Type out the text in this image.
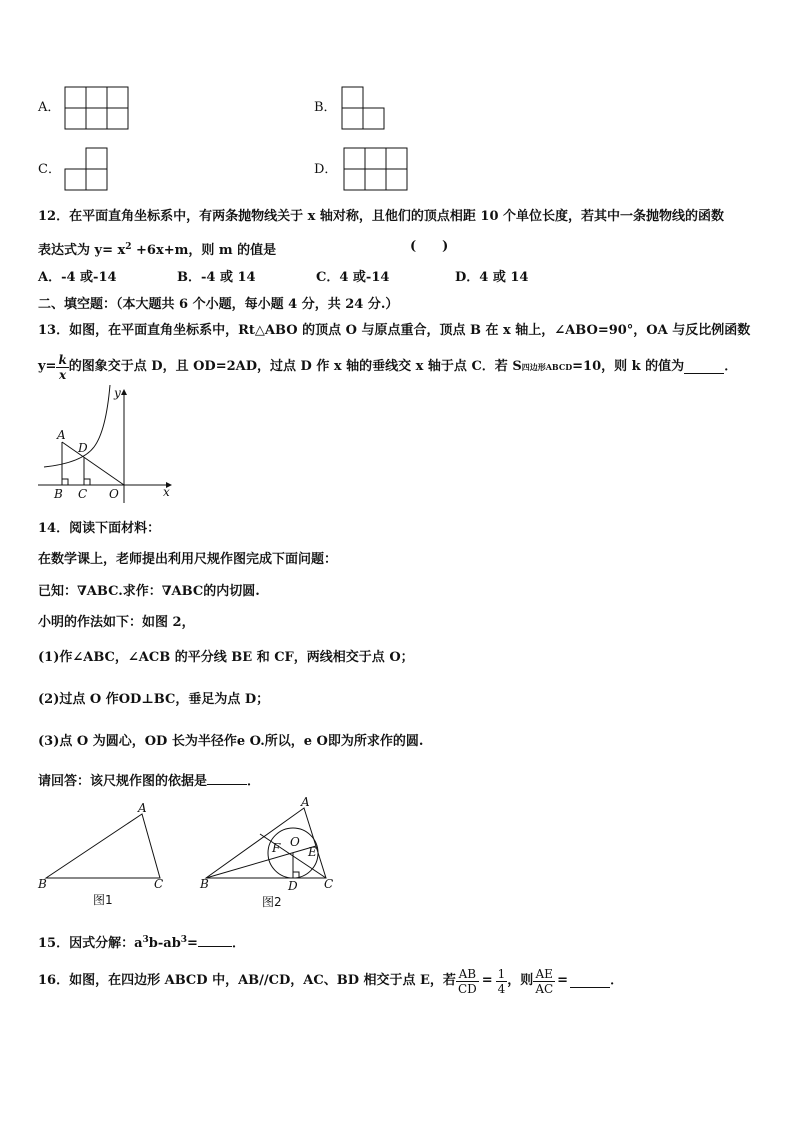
A．	B．
C．	D．
12．在平面直角坐标系中，有两条抛物线关于 x 轴对称，且他们的顶点相距 10 个单位长度，若其中一条抛物线的函数
表达式为 $y= x^2 +6x+m$，则 m 的值是	(　　)
A．-4 或-14	B．-4 或 14	C．4 或-14	D．4 或 14
二、填空题：（本大题共 6 个小题，每小题 4 分，共 24 分.）
13．如图，在平面直角坐标系中，Rt△ABO 的顶点 O 与原点重合，顶点 B 在 x 轴上，∠ABO=90°，OA 与反比例函数
$y= \frac{k}{x}$ 的图象交于点 D，且 OD=2AD，过点 D 作 x 轴的垂线交 x 轴于点 C．若 S 四边形ABCD =10，则 k 的值为	．
y
x
A
D
B C O
14．阅读下面材料：
在数学课上，老师提出利用尺规作图完成下面问题：
已知：∇ABC.求作：∇ABC的内切圆.
小明的作法如下：如图 2，
(1)作∠ABC，∠ACB 的平分线 BE 和 CF，两线相交于点 O；
(2)过点 O 作OD⊥BC，垂足为点 D；
(3)点 O 为圆心，OD 长为半径作e O.所以，e O即为所求作的圆.
请回答：该尺规作图的依据是	．
A
B	C
图1
A
B	C
D
E
F O
图2
15．因式分解：$a^3b-ab^3=$	．
16．如图，在四边形 ABCD 中，AB//CD，AC、BD 相交于点 E，若 $\frac{AB}{CD} = \frac{1}{4}$ ，则 $\frac{AE}{AC}$ =	．
